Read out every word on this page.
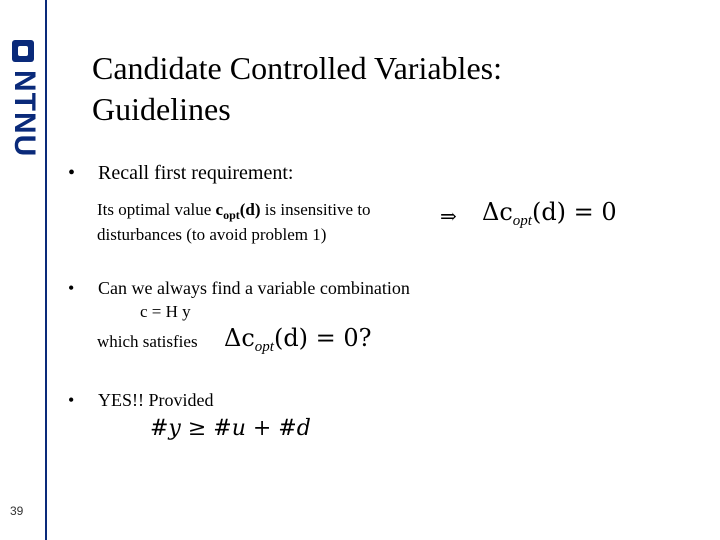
NTNU
39
Candidate Controlled Variables:
Guidelines
• Recall first requirement:
Its optimal value $c_{opt}(d)$ is insensitive to
disturbances (to avoid problem 1)
⇒ $\Delta c_{opt}(d) = 0$
• Can we always find a variable combination
c = H y
which satisfies $\Delta c_{opt}(d) = 0$?
• YES!! Provided
#y ≥ #u + #d
